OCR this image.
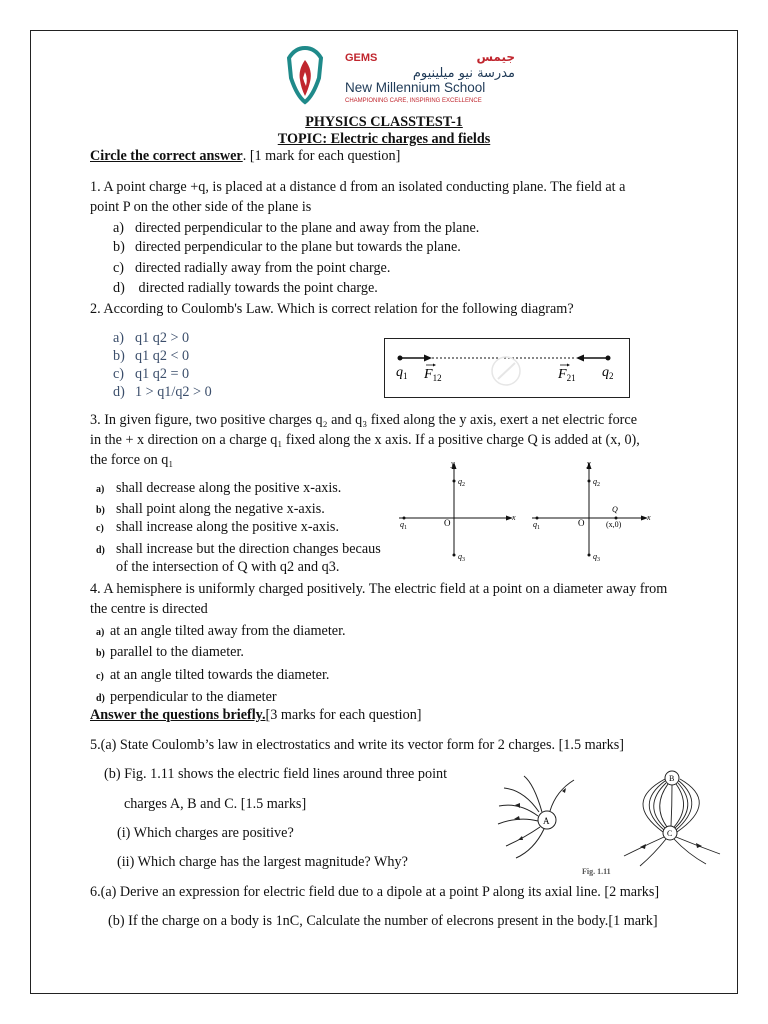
GEMS	جيمس
مدرسة نيو ميلينيوم
New Millennium School
CHAMPIONING CARE, INSPIRING EXCELLENCE
PHYSICS CLASSTEST-1
TOPIC: Electric charges and fields
Circle the correct answer. [1 mark for each question]
1. A point charge +q, is placed at a distance d from an isolated conducting plane. The field at a
point P on the other side of the plane is
a) directed perpendicular to the plane and away from the plane.
b) directed perpendicular to the plane but towards the plane.
c) directed radially away from the point charge.
d) directed radially towards the point charge.
2. According to Coulomb's Law. Which is correct relation for the following diagram?
a) q1 q2 > 0
b) q1 q2 < 0
c) q1 q2 = 0
d) 1 > q1/q2 > 0
$q_1$ $F_{12}$	$F_{21}$ $q_2$
3. In given figure, two positive charges q₂ and q₃ fixed along the y axis, exert a net electric force
in the + x direction on a charge q₁ fixed along the x axis. If a positive charge Q is added at (x, 0),
the force on q₁
a) shall decrease along the positive x-axis.
b) shall point along the negative x-axis.
c) shall increase along the positive x-axis.
d) shall increase but the direction changes becaus
of the intersection of Q with q2 and q3.
y
x
O
$q_2$
$q_3$
$q_1$
y
x
O
$q_2$
$q_3$
$q_1$
Q
(x,0)
4. A hemisphere is uniformly charged positively. The electric field at a point on a diameter away from
the centre is directed
a) at an angle tilted away from the diameter.
b) parallel to the diameter.
c) at an angle tilted towards the diameter.
d) perpendicular to the diameter
Answer the questions briefly.[3 marks for each question]
5.(a) State Coulomb’s law in electrostatics and write its vector form for 2 charges. [1.5 marks]
(b) Fig. 1.11 shows the electric field lines around three point
charges A, B and C. [1.5 marks]
(i) Which charges are positive?
(ii) Which charge has the largest magnitude? Why?
A
B
C
Fig. 1.11
6.(a) Derive an expression for electric field due to a dipole at a point P along its axial line. [2 marks]
(b) If the charge on a body is 1nC, Calculate the number of elecrons present in the body.[1 mark]
